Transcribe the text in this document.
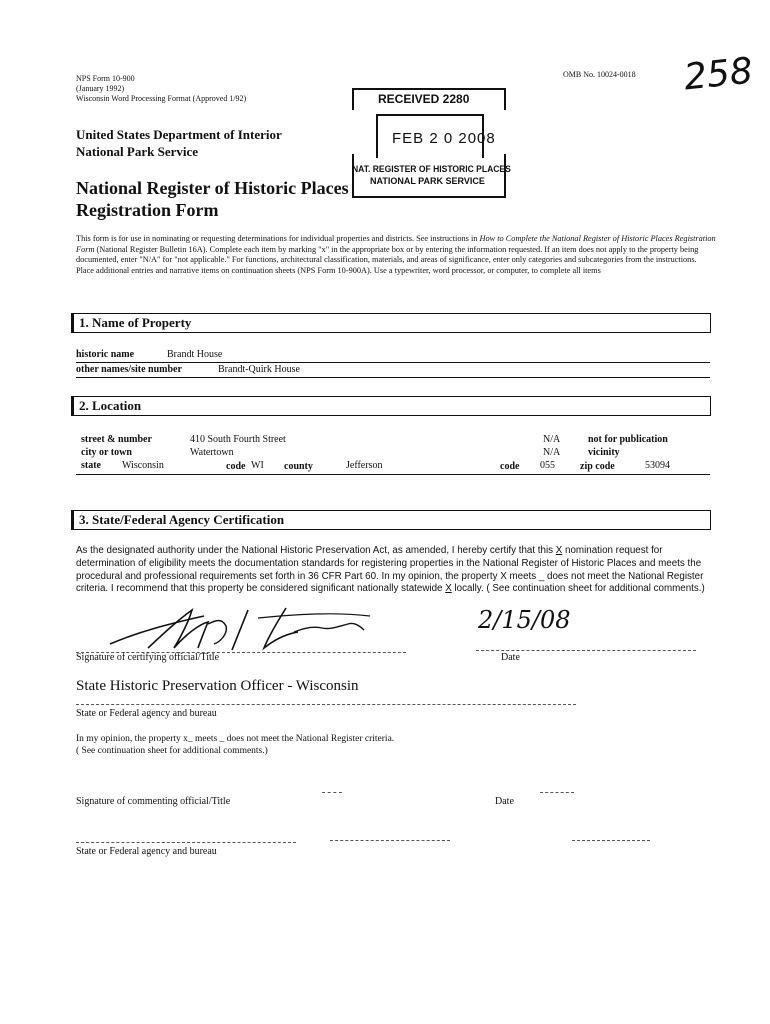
NPS Form 10-900
(January 1992)
Wisconsin Word Processing Format (Approved 1/92)
OMB No. 10024-0018 258
United States Department of Interior
National Park Service
National Register of Historic Places
Registration Form
RECEIVED 2280
FEB 2 0 2008
NAT. REGISTER OF HISTORIC PLACES
NATIONAL PARK SERVICE
This form is for use in nominating or requesting determinations for individual properties and districts. See instructions in How to Complete the National Register of Historic Places Registration Form (National Register Bulletin 16A). Complete each item by marking "x" in the appropriate box or by entering the information requested. If an item does not apply to the property being documented, enter "N/A" for "not applicable." For functions, architectural classification, materials, and areas of significance, enter only categories and subcategories from the instructions. Place additional entries and narrative items on continuation sheets (NPS Form 10-900A). Use a typewriter, word processor, or computer, to complete all items
1. Name of Property
historic name	Brandt House
other names/site number	Brandt-Quirk House
2. Location
street & number	410 South Fourth Street	N/A	not for publication
city or town	Watertown	N/A	vicinity
state Wisconsin	code WI county	Jefferson	code 055	zip code	53094
3. State/Federal Agency Certification
As the designated authority under the National Historic Preservation Act, as amended, I hereby certify that this X nomination request for determination of eligibility meets the documentation standards for registering properties in the National Register of Historic Places and meets the procedural and professional requirements set forth in 36 CFR Part 60. In my opinion, the property X meets _ does not meet the National Register criteria. I recommend that this property be considered significant nationally statewide X locally. ( See continuation sheet for additional comments.)
Signature of certifying official/Title
2/15/08
Date
State Historic Preservation Officer - Wisconsin
State or Federal agency and bureau
In my opinion, the property x_ meets _ does not meet the National Register criteria.
( See continuation sheet for additional comments.)
Signature of commenting official/Title	Date
State or Federal agency and bureau
